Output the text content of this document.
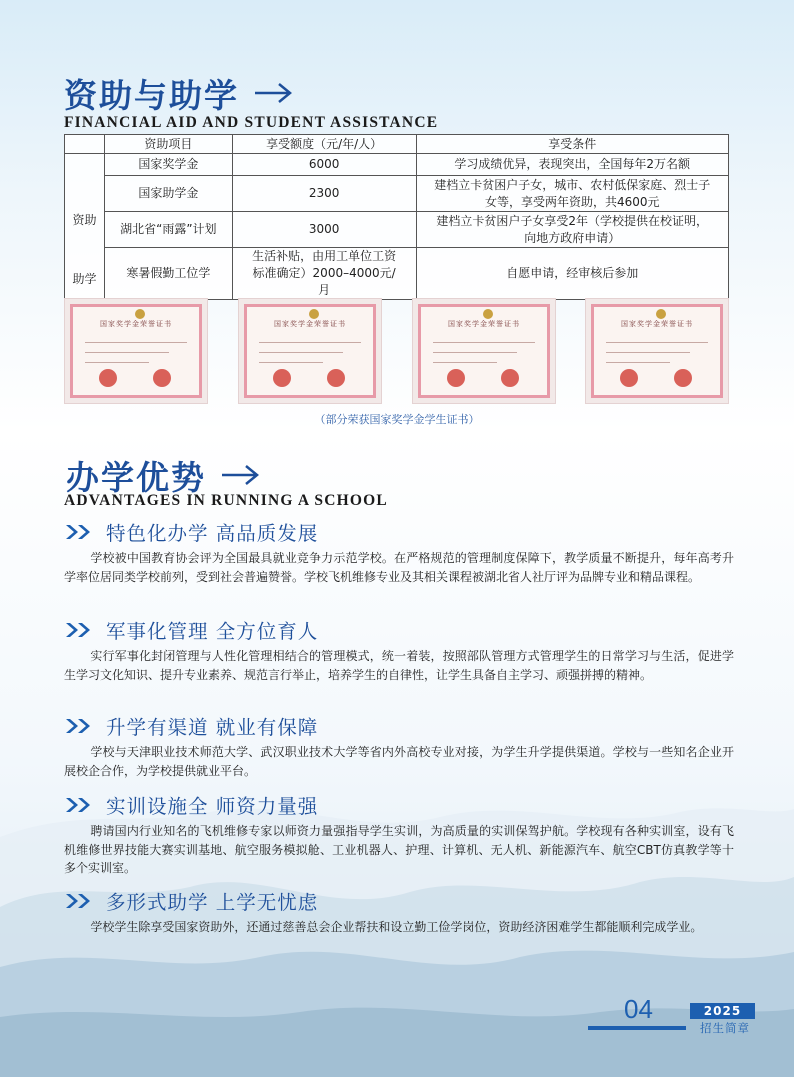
资助与助学
FINANCIAL AID AND STUDENT ASSISTANCE
	资助项目	享受额度（元/年/人）	享受条件

资助
助学	国家奖学金	6000	学习成绩优异，表现突出，全国每年2万名额
	国家助学金	2300	建档立卡贫困户子女，城市、农村低保家庭、烈士子女等，享受两年资助，共4600元
	湖北省“雨露”计划	3000	建档立卡贫困户子女享受2年（学校提供在校证明，向地方政府申请）
	寒暑假勤工位学	生活补贴，由用工单位工资标准确定）2000–4000元/月	自愿申请，经审核后参加
国家奖学金荣誉证书	国家奖学金荣誉证书	国家奖学金荣誉证书	国家奖学金荣誉证书
（部分荣获国家奖学金学生证书）
办学优势
ADVANTAGES IN RUNNING A SCHOOL
特色化办学 高品质发展
学校被中国教育协会评为全国最具就业竞争力示范学校。在严格规范的管理制度保障下，教学质量不断提升，每年高考升学率位居同类学校前列，受到社会普遍赞誉。学校飞机维修专业及其相关课程被湖北省人社厅评为品牌专业和精品课程。
军事化管理 全方位育人
实行军事化封闭管理与人性化管理相结合的管理模式，统一着装，按照部队管理方式管理学生的日常学习与生活，促进学生学习文化知识、提升专业素养、规范言行举止，培养学生的自律性，让学生具备自主学习、顽强拼搏的精神。
升学有渠道 就业有保障
学校与天津职业技术师范大学、武汉职业技术大学等省内外高校专业对接，为学生升学提供渠道。学校与一些知名企业开展校企合作，为学校提供就业平台。
实训设施全 师资力量强
聘请国内行业知名的飞机维修专家以师资力量强指导学生实训，为高质量的实训保驾护航。学校现有各种实训室，设有飞机维修世界技能大赛实训基地、航空服务模拟舱、工业机器人、护理、计算机、无人机、新能源汽车、航空CBT仿真教学等十多个实训室。
多形式助学 上学无忧虑
学校学生除享受国家资助外，还通过慈善总会企业帮扶和设立勤工俭学岗位，资助经济困难学生都能顺利完成学业。
04	2025
招生简章
